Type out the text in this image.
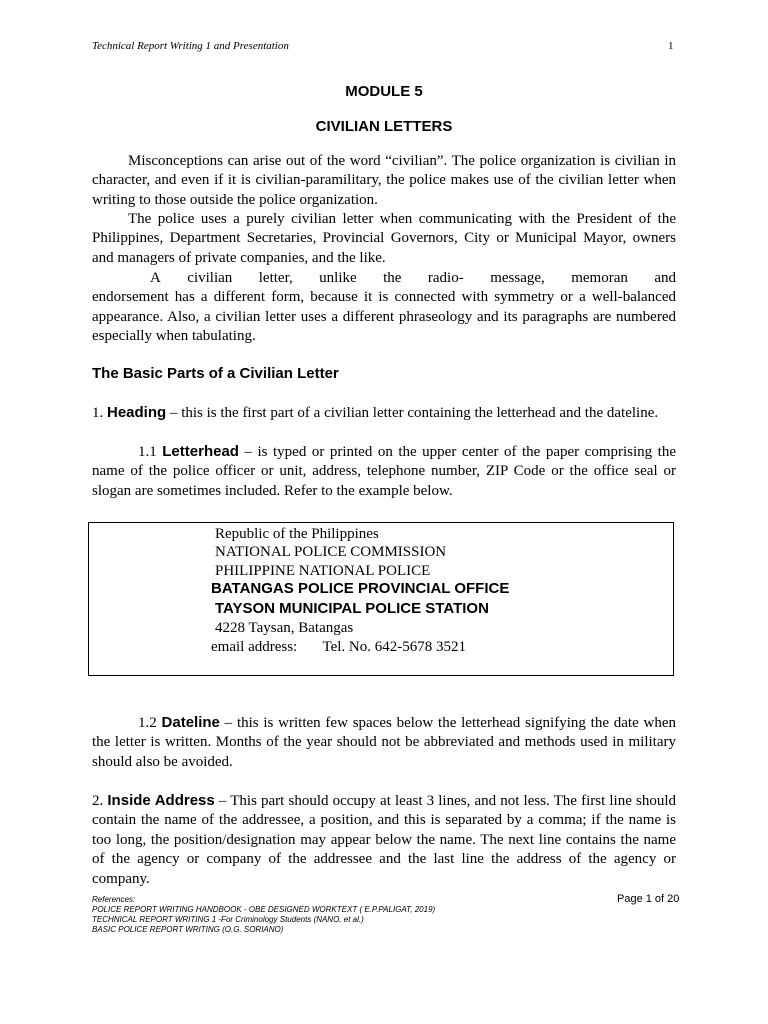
Technical Report Writing 1 and Presentation	1
MODULE 5
CIVILIAN LETTERS
Misconceptions can arise out of the word “civilian”. The police organization is civilian in character, and even if it is civilian-paramilitary, the police makes use of the civilian letter when writing to those outside the police organization.
The police uses a purely civilian letter when communicating with the President of the Philippines, Department Secretaries, Provincial Governors, City or Municipal Mayor, owners and managers of private companies, and the like.
A civilian letter, unlike the radio- message, memoran and
endorsement has a different form, because it is connected with symmetry or a well-balanced appearance. Also, a civilian letter uses a different phraseology and its paragraphs are numbered especially when tabulating.
The Basic Parts of a Civilian Letter
1. Heading – this is the first part of a civilian letter containing the letterhead and the dateline.
1.1 Letterhead – is typed or printed on the upper center of the paper comprising the name of the police officer or unit, address, telephone number, ZIP Code or the office seal or slogan are sometimes included. Refer to the example below.
Republic of the Philippines
NATIONAL POLICE COMMISSION
PHILIPPINE NATIONAL POLICE
BATANGAS POLICE PROVINCIAL OFFICE
TAYSON MUNICIPAL POLICE STATION
4228 Taysan, Batangas
email address: Tel. No. 642-5678 3521
1.2 Dateline – this is written few spaces below the letterhead signifying the date when the letter is written. Months of the year should not be abbreviated and methods used in military should also be avoided.
2. Inside Address – This part should occupy at least 3 lines, and not less. The first line should contain the name of the addressee, a position, and this is separated by a comma; if the name is too long, the position/designation may appear below the name. The next line contains the name of the agency or company of the addressee and the last line the address of the agency or company.
References:
POLICE REPORT WRITING HANDBOOK - OBE DESIGNED WORKTEXT ( E.P.PALIGAT, 2019)
TECHNICAL REPORT WRITING 1 -For Criminology Students (NANO, et al.)
BASIC POLICE REPORT WRITING (O.G. SORIANO)
Page 1 of 20
